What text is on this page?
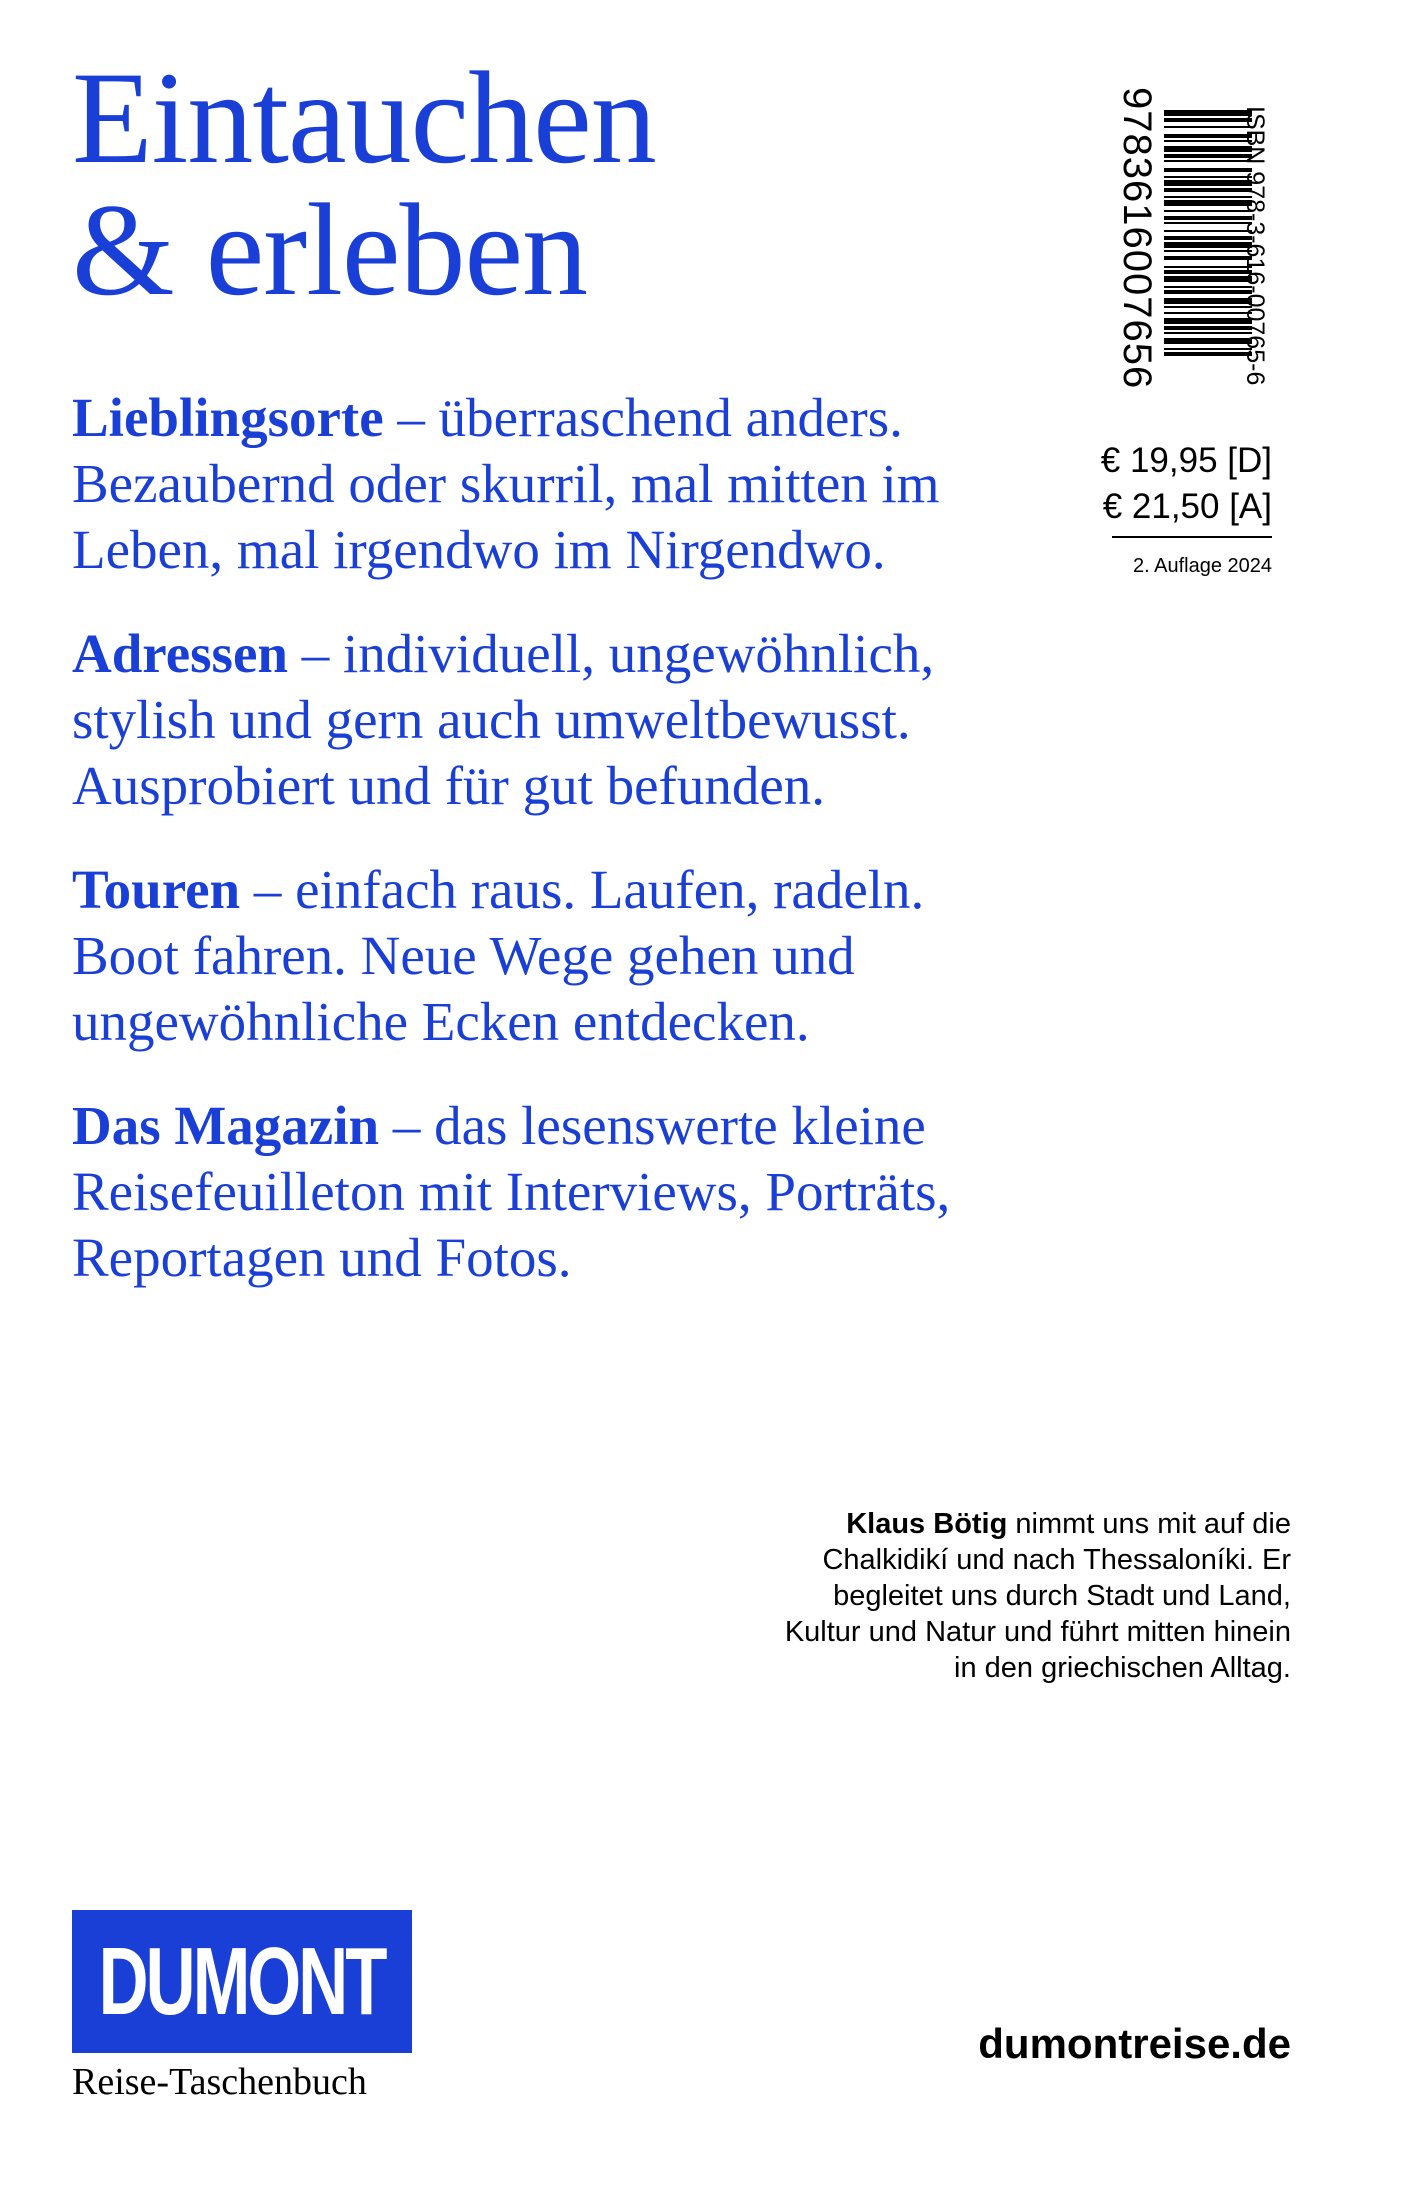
Eintauchen
& erleben

Lieblingsorte – überraschend anders. Bezaubernd oder skurril, mal mitten im Leben, mal irgendwo im Nirgendwo.

Adressen – individuell, ungewöhnlich, stylish und gern auch umweltbewusst. Ausprobiert und für gut befunden.

Touren – einfach raus. Laufen, radeln. Boot fahren. Neue Wege gehen und ungewöhnliche Ecken entdecken.

Das Magazin – das lesenswerte kleine Reisefeuilleton mit Interviews, Porträts, Reportagen und Fotos.

9783616007656	ISBN 978-3-616-00765-6
€ 19,95 [D]
€ 21,50 [A]
2. Auflage 2024
Klaus Bötig nimmt uns mit auf die Chalkidikí und nach Thessaloníki. Er begleitet uns durch Stadt und Land, Kultur und Natur und führt mitten hinein in den griechischen Alltag.
DUMONT
Reise-Taschenbuch
dumontreise.de
